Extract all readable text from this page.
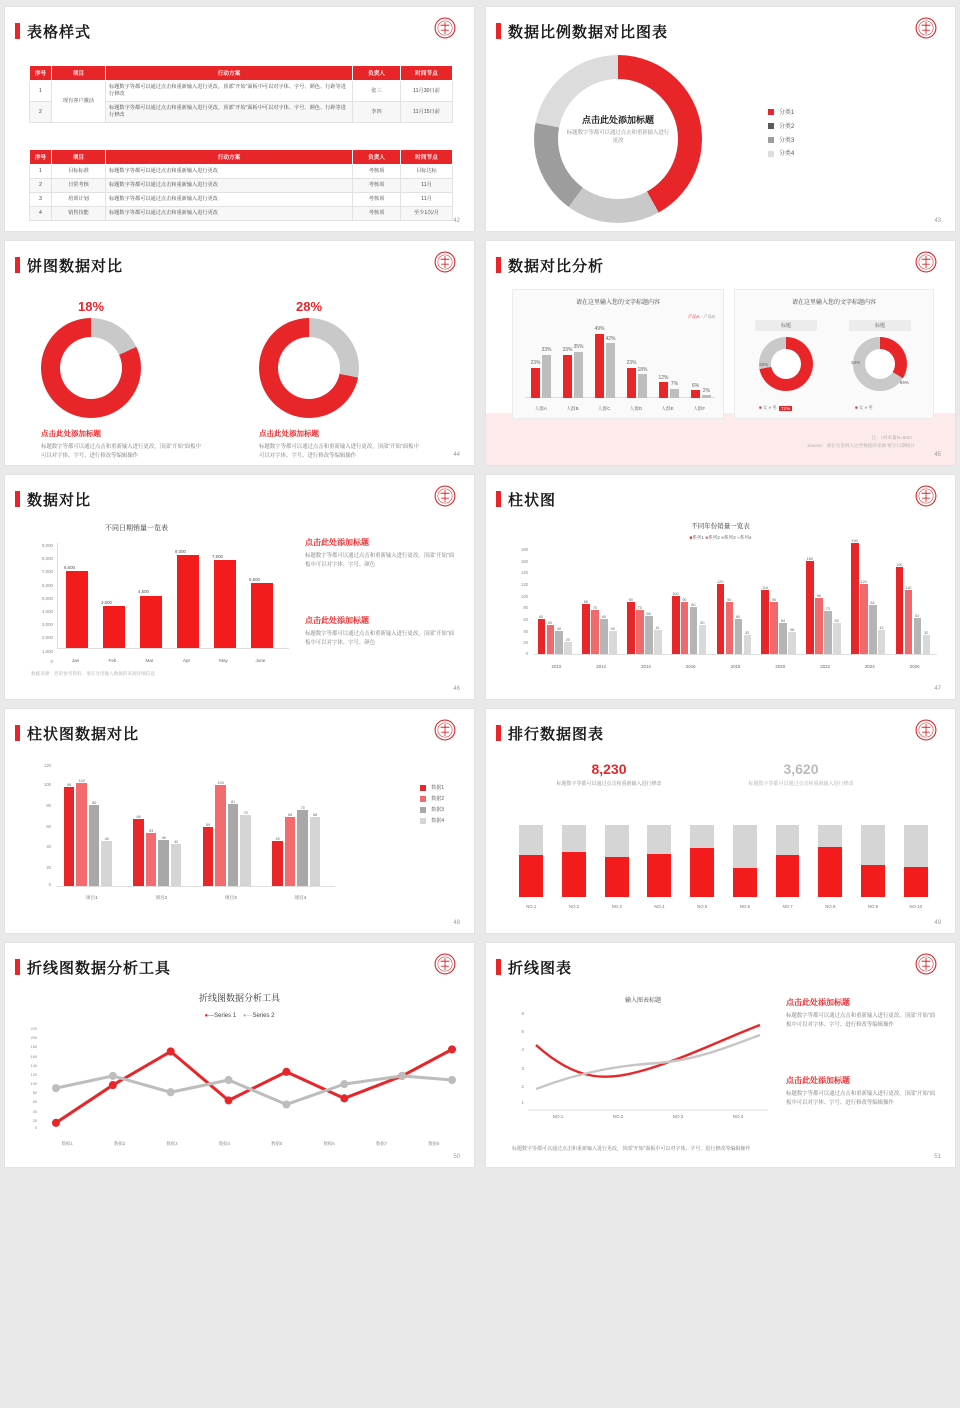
表格样式
序号	项目	行动方案	负责人	时间节点
1	现有客户激活	标题数字等都可以通过点击和重新输入进行更改，顶部“开始”面板中可以对字体、字号、颜色、行距等进行修改	张三	11月30日前
2		标题数字等都可以通过点击和重新输入进行更改，顶部“开始”面板中可以对字体、字号、颜色、行距等进行修改	李四	11月15日前
序号	项目	行动方案	负责人	时间节点
1	目标标准	标题数字等都可以通过点击和重新输入进行更改	考核项	目标达标
2	日常考核	标题数字等都可以通过点击和重新输入进行更改	考核项	11月
3	培训计划	标题数字等都可以通过点击和重新输入进行更改	考核项	11月
4	销售技能	标题数字等都可以通过点击和重新输入进行更改	考核项	至少1次/月
42
数据比例数据对比图表
点击此处添加标题
标题数字等都可以通过点击和重新输入进行更改
分类1
分类2
分类3
分类4
43
饼图数据对比
18%
点击此处添加标题
标题数字等都可以通过点击和重新输入进行更改，顶部“开始”面板中可以对字体、字号、进行修改等编辑操作
28%
点击此处添加标题
标题数字等都可以通过点击和重新输入进行更改，顶部“开始”面板中可以对字体、字号、进行修改等编辑操作	44
数据对比分析
请在这里输入您的文字标题内容
产品A · 产品B
23%
33%	33% 35%
49%
42%
23%
18%
12%
7%	6%
2%
人群A	人群B	人群C	人群D	人群E	人群F
请在这里输入您的文字标题内容
标题
28%
72%
标题
34%
66%
■ 女 ■ 男	■ 女 ■ 男
注：（样本量N=500）
Source：请在这里填入这些数据的来源 统计日期统计
45
数据对比
不同日期销量一览表
9,000
8,000
7,000
6,000
5,000
4,000
3,000
2,000
1,000
0
6,600
3,600
4,500
8,000
7,600
5,600
Jan	Feb	Mar	Apr	May	June
点击此处添加标题
标题数字等都可以通过点击和重新输入进行更改，顶部“开始”面板中可以对字体、字号、颜色
点击此处添加标题
标题数字等都可以通过点击和重新输入进行更改，顶部“开始”面板中可以对字体、字号、颜色
数据来源：您的参考资料，请在这里输入数据的来源详细信息
46
柱状图
不同年份销量一览表
■系列1 ■系列2 ■系列3 ■系列4
180
160
140
120
100
80
60
40
20
0
60
50
40
20
85
75
60
40
90
75
65
41
100
90
80
50
120
90
60
32
110
90
54
38
160
96
73
53
190
120
84
42
150
110
62
32
2010	2012	2014	2016	2018	2020	2022	2024	2026
47
柱状图数据对比
120
100
80
60
40
20
0
98
102
80
45
66
53
46
42
59
100
81
70
45
68
75
68
项目1	项目2	项目3	项目4
数据1
数据2
数据3
数据4
48
排行数据图表
8,230
标题数字等都可以通过点击和重新输入进行修改
3,620
标题数字等都可以通过点击和重新输入进行修改
NO.1	NO.2	NO.3	NO.4	NO.5	NO.6	NO.7	NO.8	NO.9	NO.10
49
折线图数据分析工具
折线图数据分析工具
●—Series 1 ●—Series 2
220
200
180
160
140
120
100
80
60
40
20
0
数据1	数据2	数据3	数据4	数据5	数据6	数据7	数据8
50
折线图表
输入图表标题
6
5
4
3
2
1
NO.1	NO.2	NO.3	NO.4
点击此处添加标题
标题数字等都可以通过点击和重新输入进行更改，顶部“开始”面板中可以对字体、字号、进行修改等编辑操作
点击此处添加标题
标题数字等都可以通过点击和重新输入进行更改，顶部“开始”面板中可以对字体、字号、进行修改等编辑操作
标题数字等都可以通过点击和重新输入进行更改，顶部“开始”面板中可以对字体、字号、进行修改等编辑操作
51
